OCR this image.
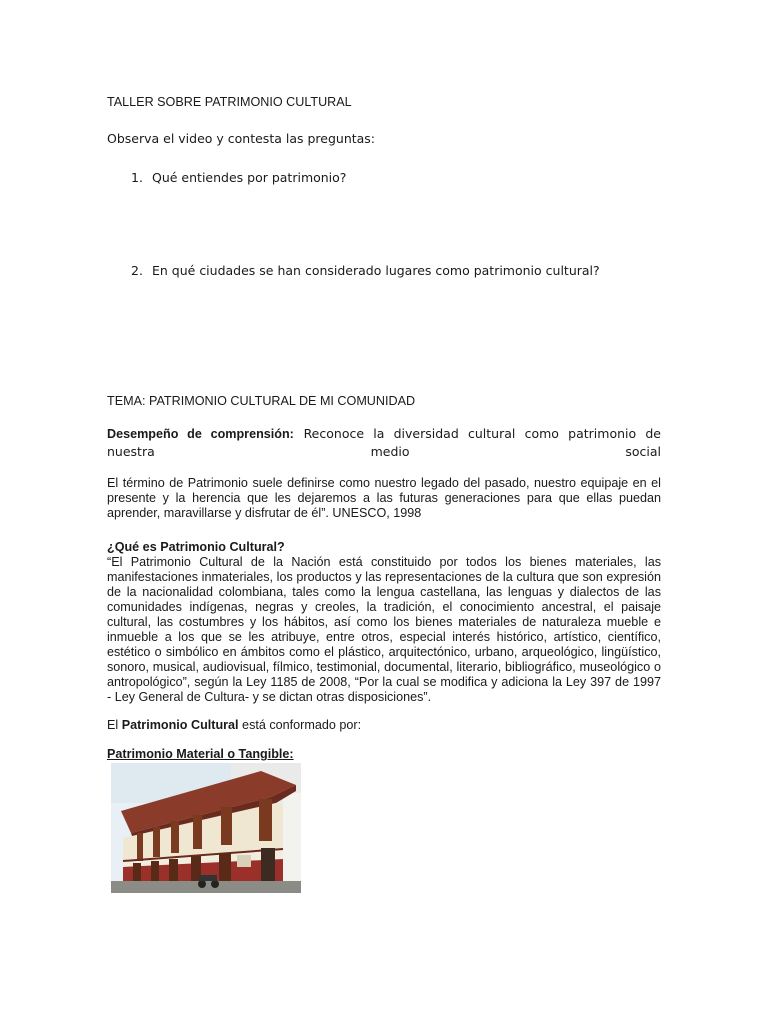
TALLER SOBRE PATRIMONIO CULTURAL
Observa el video y contesta las preguntas:
1. Qué entiendes por patrimonio?
2. En qué ciudades se han considerado lugares como patrimonio cultural?
TEMA: PATRIMONIO CULTURAL DE MI COMUNIDAD
Desempeño de comprensión: Reconoce la diversidad cultural como patrimonio de nuestra medio social
El término de Patrimonio suele definirse como nuestro legado del pasado, nuestro equipaje en el presente y la herencia que les dejaremos a las futuras generaciones para que ellas puedan aprender, maravillarse y disfrutar de él”. UNESCO, 1998
¿Qué es Patrimonio Cultural?
“El Patrimonio Cultural de la Nación está constituido por todos los bienes materiales, las manifestaciones inmateriales, los productos y las representaciones de la cultura que son expresión de la nacionalidad colombiana, tales como la lengua castellana, las lenguas y dialectos de las comunidades indígenas, negras y creoles, la tradición, el conocimiento ancestral, el paisaje cultural, las costumbres y los hábitos, así como los bienes materiales de naturaleza mueble e inmueble a los que se les atribuye, entre otros, especial interés histórico, artístico, científico, estético o simbólico en ámbitos como el plástico, arquitectónico, urbano, arqueológico, lingüístico, sonoro, musical, audiovisual, fílmico, testimonial, documental, literario, bibliográfico, museológico o antropológico”, según la Ley 1185 de 2008, “Por la cual se modifica y adiciona la Ley 397 de 1997 - Ley General de Cultura- y se dictan otras disposiciones”.
El Patrimonio Cultural está conformado por:
Patrimonio Material o Tangible:
